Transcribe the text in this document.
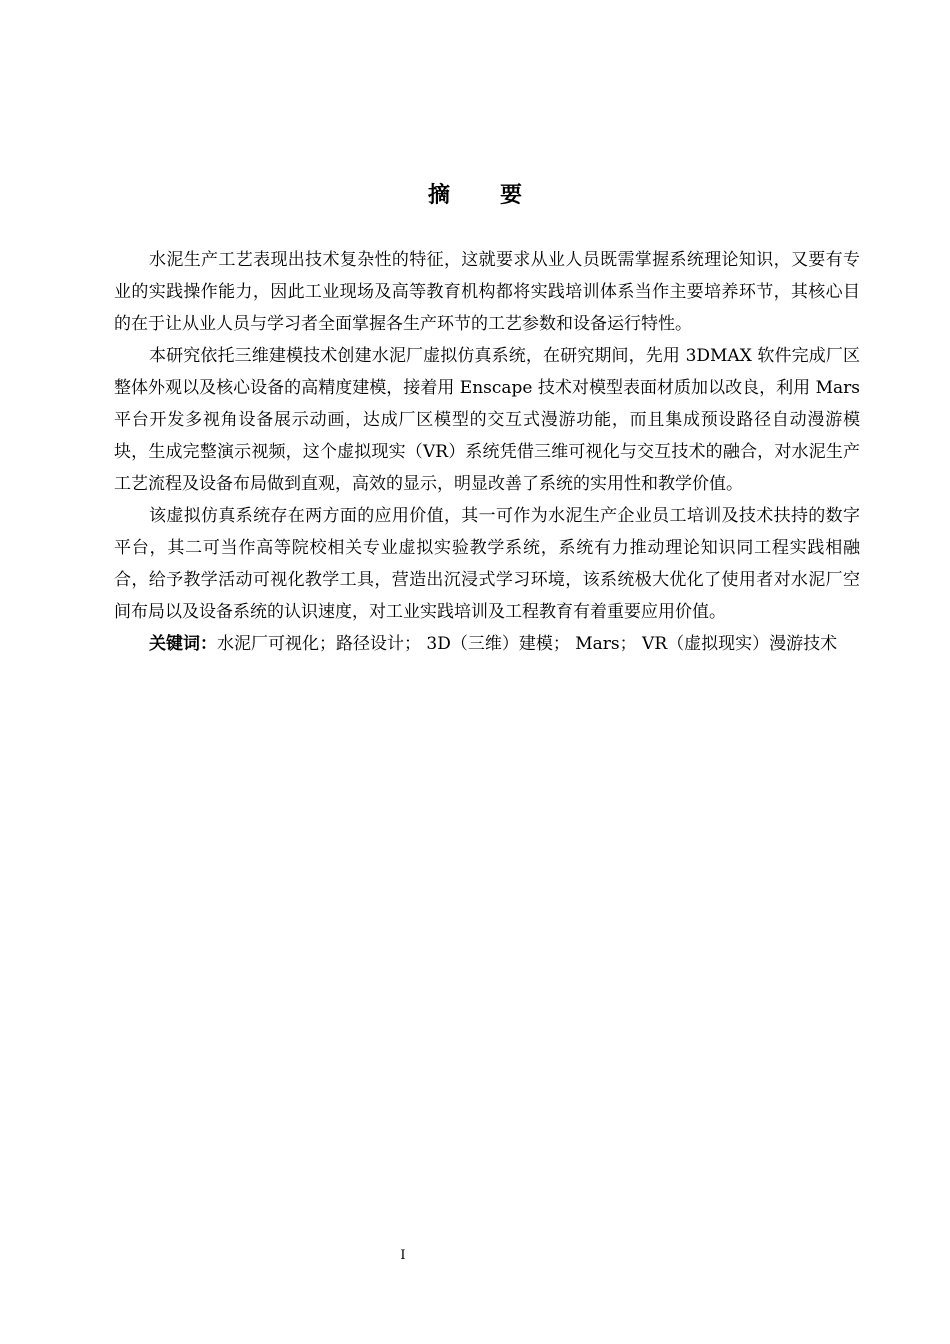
摘 要

水泥生产工艺表现出技术复杂性的特征，这就要求从业人员既需掌握系统理论知识，又要有专业的实践操作能力，因此工业现场及高等教育机构都将实践培训体系当作主要培养环节，其核心目的在于让从业人员与学习者全面掌握各生产环节的工艺参数和设备运行特性。

本研究依托三维建模技术创建水泥厂虚拟仿真系统，在研究期间，先用 3DMAX 软件完成厂区整体外观以及核心设备的高精度建模，接着用 Enscape 技术对模型表面材质加以改良，利用 Mars 平台开发多视角设备展示动画，达成厂区模型的交互式漫游功能，而且集成预设路径自动漫游模块，生成完整演示视频，这个虚拟现实（VR）系统凭借三维可视化与交互技术的融合，对水泥生产工艺流程及设备布局做到直观，高效的显示，明显改善了系统的实用性和教学价值。

该虚拟仿真系统存在两方面的应用价值，其一可作为水泥生产企业员工培训及技术扶持的数字平台，其二可当作高等院校相关专业虚拟实验教学系统，系统有力推动理论知识同工程实践相融合，给予教学活动可视化教学工具，营造出沉浸式学习环境，该系统极大优化了使用者对水泥厂空间布局以及设备系统的认识速度，对工业实践培训及工程教育有着重要应用价值。

关键词：水泥厂可视化；路径设计； 3D（三维）建模； Mars； VR（虚拟现实）漫游技术

I
